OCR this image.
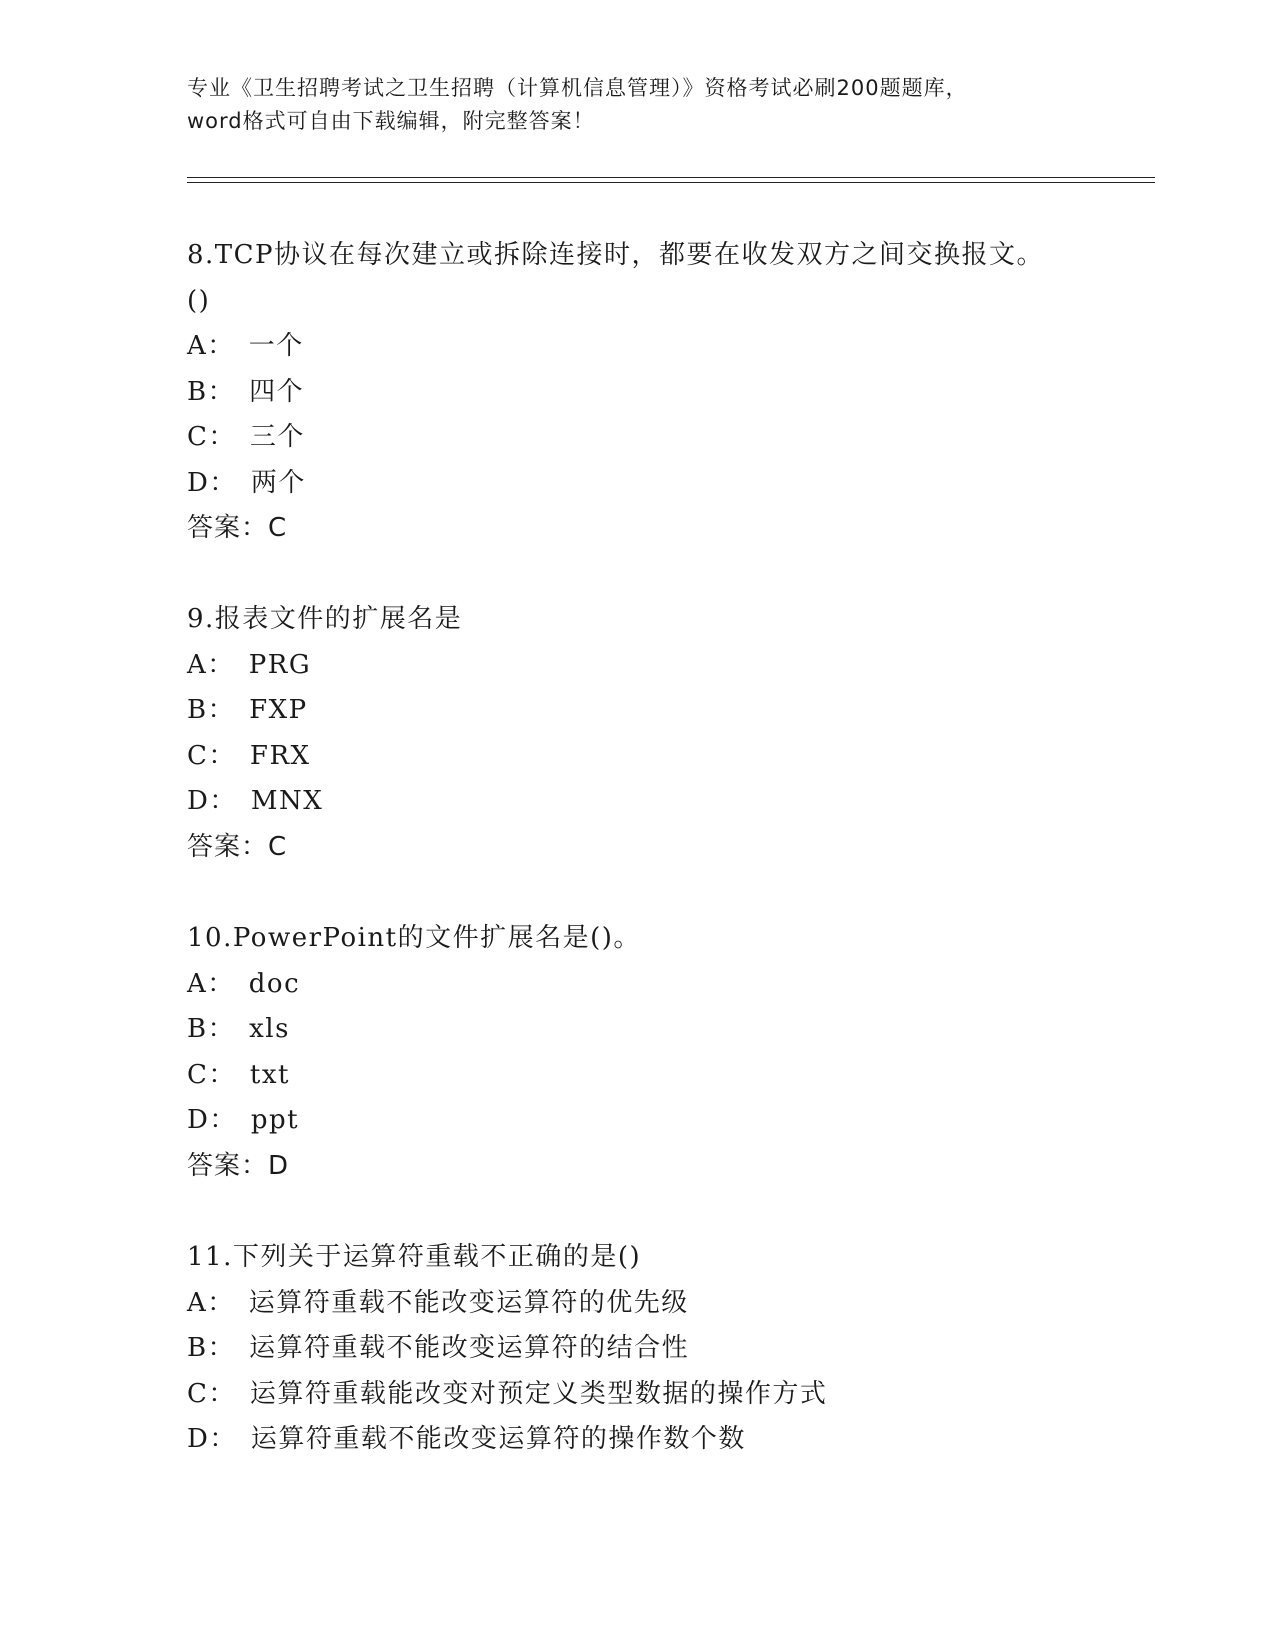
专业《卫生招聘考试之卫生招聘（计算机信息管理）》资格考试必刷200题题库，
word格式可自由下载编辑，附完整答案！
8.TCP协议在每次建立或拆除连接时，都要在收发双方之间交换报文。
()
A： 一个
B： 四个
C： 三个
D： 两个
答案：C
9.报表文件的扩展名是
A： PRG
B： FXP
C： FRX
D： MNX
答案：C
10.PowerPoint的文件扩展名是()。
A： doc
B： xls
C： txt
D： ppt
答案：D
11.下列关于运算符重载不正确的是()
A： 运算符重载不能改变运算符的优先级
B： 运算符重载不能改变运算符的结合性
C： 运算符重载能改变对预定义类型数据的操作方式
D： 运算符重载不能改变运算符的操作数个数
